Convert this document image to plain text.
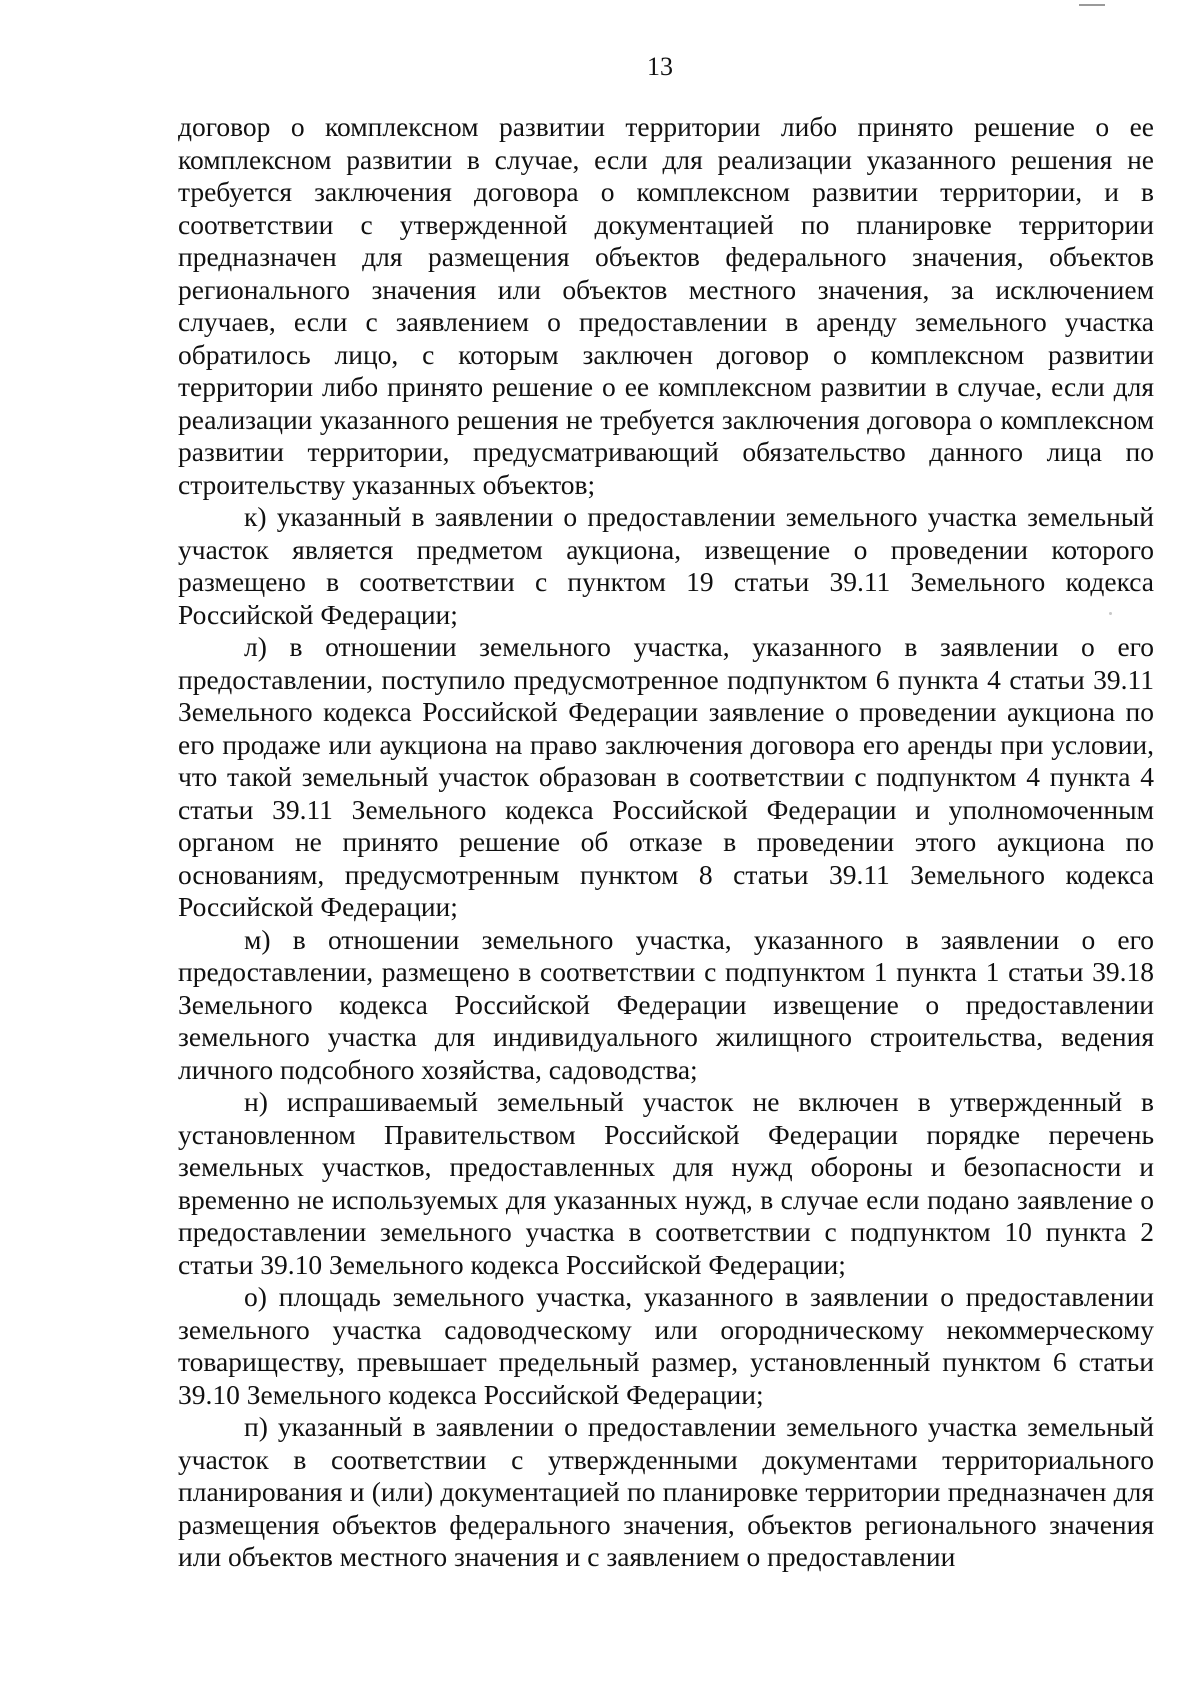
13

договор о комплексном развитии территории либо принято решение о ее комплексном развитии в случае, если для реализации указанного решения не требуется заключения договора о комплексном развитии территории, и в соответствии с утвержденной документацией по планировке территории предназначен для размещения объектов федерального значения, объектов регионального значения или объектов местного значения, за исключением случаев, если с заявлением о предоставлении в аренду земельного участка обратилось лицо, с которым заключен договор о комплексном развитии территории либо принято решение о ее комплексном развитии в случае, если для реализации указанного решения не требуется заключения договора о комплексном развитии территории, предусматривающий обязательство данного лица по строительству указанных объектов;

к) указанный в заявлении о предоставлении земельного участка земельный участок является предметом аукциона, извещение о проведении которого размещено в соответствии с пунктом 19 статьи 39.11 Земельного кодекса Российской Федерации;

л) в отношении земельного участка, указанного в заявлении о его предоставлении, поступило предусмотренное подпунктом 6 пункта 4 статьи 39.11 Земельного кодекса Российской Федерации заявление о проведении аукциона по его продаже или аукциона на право заключения договора его аренды при условии, что такой земельный участок образован в соответствии с подпунктом 4 пункта 4 статьи 39.11 Земельного кодекса Российской Федерации и уполномоченным органом не принято решение об отказе в проведении этого аукциона по основаниям, предусмотренным пунктом 8 статьи 39.11 Земельного кодекса Российской Федерации;

м) в отношении земельного участка, указанного в заявлении о его предоставлении, размещено в соответствии с подпунктом 1 пункта 1 статьи 39.18 Земельного кодекса Российской Федерации извещение о предоставлении земельного участка для индивидуального жилищного строительства, ведения личного подсобного хозяйства, садоводства;

н) испрашиваемый земельный участок не включен в утвержденный в установленном Правительством Российской Федерации порядке перечень земельных участков, предоставленных для нужд обороны и безопасности и временно не используемых для указанных нужд, в случае если подано заявление о предоставлении земельного участка в соответствии с подпунктом 10 пункта 2 статьи 39.10 Земельного кодекса Российской Федерации;

о) площадь земельного участка, указанного в заявлении о предоставлении земельного участка садоводческому или огородническому некоммерческому товариществу, превышает предельный размер, установленный пунктом 6 статьи 39.10 Земельного кодекса Российской Федерации;

п) указанный в заявлении о предоставлении земельного участка земельный участок в соответствии с утвержденными документами территориального планирования и (или) документацией по планировке территории предназначен для размещения объектов федерального значения, объектов регионального значения или объектов местного значения и с заявлением о предоставлении
